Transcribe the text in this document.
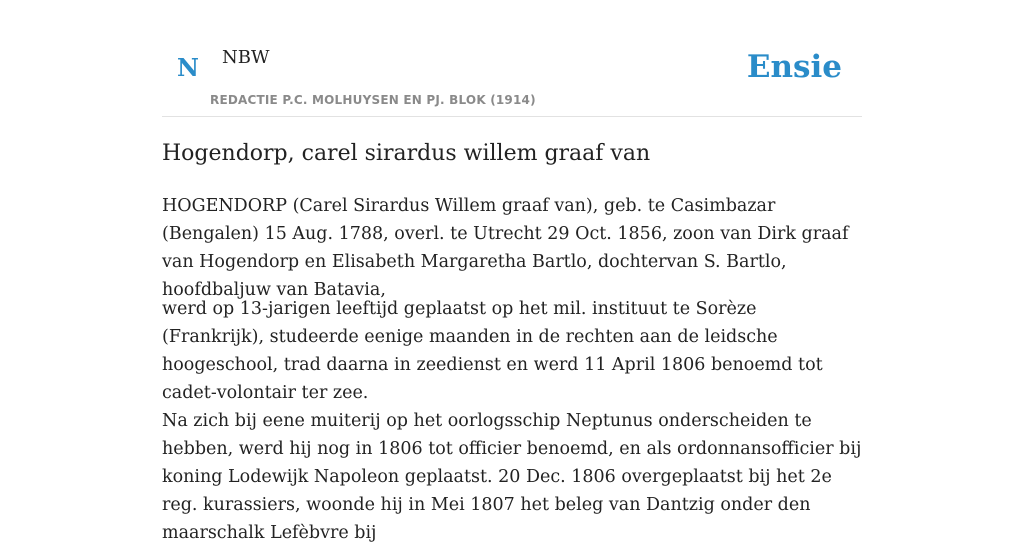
N NBW
REDACTIE P.C. MOLHUYSEN EN PJ. BLOK (1914)
Ensie
Hogendorp, carel sirardus willem graaf van

HOGENDORP (Carel Sirardus Willem graaf van), geb. te Casimbazar (Bengalen) 15 Aug. 1788, overl. te Utrecht 29 Oct. 1856, zoon van Dirk graaf van Hogendorp en Elisabeth Margaretha Bartlo, dochtervan S. Bartlo, hoofdbaljuw van Batavia,

werd op 13-jarigen leeftijd geplaatst op het mil. instituut te Sorèze (Frankrijk), studeerde eenige maanden in de rechten aan de leidsche hoogeschool, trad daarna in zeedienst en werd 11 April 1806 benoemd tot cadet-volontair ter zee.

Na zich bij eene muiterij op het oorlogsschip Neptunus onderscheiden te hebben, werd hij nog in 1806 tot officier benoemd, en als ordonnansofficier bij koning Lodewijk Napoleon geplaatst. 20 Dec. 1806 overgeplaatst bij het 2e reg. kurassiers, woonde hij in Mei 1807 het beleg van Dantzig onder den maarschalk Lefèbvre bij
